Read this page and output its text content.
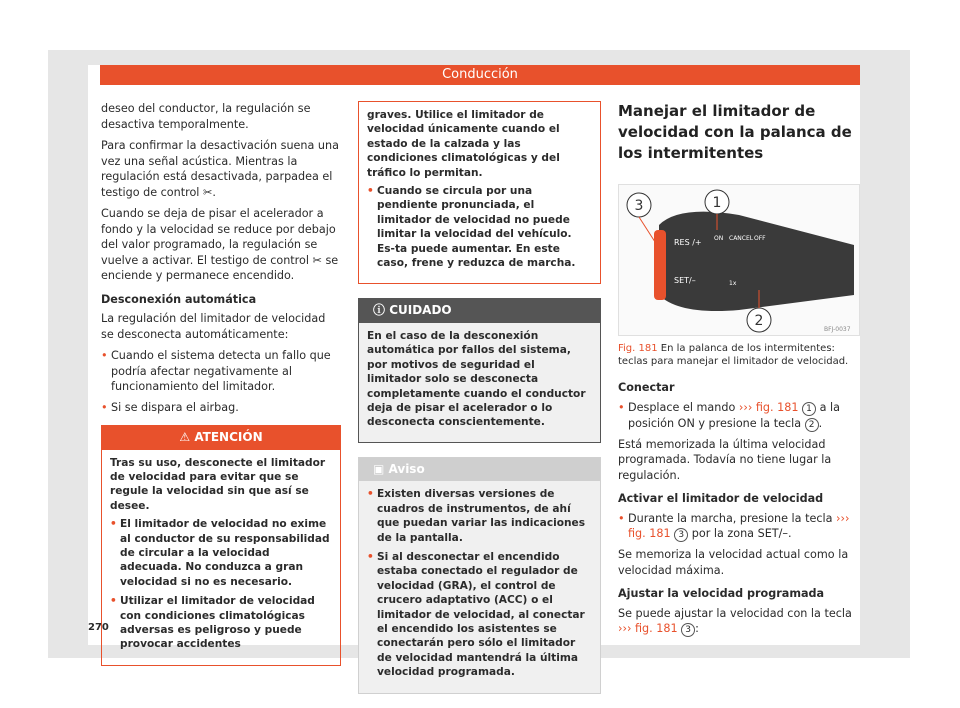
Conducción

deseo del conductor, la regulación se desactiva temporalmente.

Para confirmar la desactivación suena una vez una señal acústica. Mientras la regulación está desactivada, parpadea el testigo de control ✂.

Cuando se deja de pisar el acelerador a fondo y la velocidad se reduce por debajo del valor programado, la regulación se vuelve a activar. El testigo de control ✂ se enciende y permanece encendido.

Desconexión automática

La regulación del limitador de velocidad se desconecta automáticamente:

• Cuando el sistema detecta un fallo que podría afectar negativamente al funcionamiento del limitador.
• Si se dispara el airbag.
⚠ ATENCIÓN

Tras su uso, desconecte el limitador de velocidad para evitar que se regule la velocidad sin que así se desee.

• El limitador de velocidad no exime al conductor de su responsabilidad de circular a la velocidad adecuada. No conduzca a gran velocidad si no es necesario.
• Utilizar el limitador de velocidad con condiciones climatológicas adversas es peligroso y puede provocar accidentes

graves. Utilice el limitador de velocidad únicamente cuando el estado de la calzada y las condiciones climatológicas y del tráfico lo permitan.

• Cuando se circula por una pendiente pronunciada, el limitador de velocidad no puede limitar la velocidad del vehículo. Es-ta puede aumentar. En este caso, frene y reduzca de marcha.
ⓘ CUIDADO

En el caso de la desconexión automática por fallos del sistema, por motivos de seguridad el limitador solo se desconecta completamente cuando el conductor deja de pisar el acelerador o lo desconecta conscientemente.

▣ Aviso
• Existen diversas versiones de cuadros de instrumentos, de ahí que puedan variar las indicaciones de la pantalla.
• Si al desconectar el encendido estaba conectado el regulador de velocidad (GRA), el control de crucero adaptativo (ACC) o el limitador de velocidad, al conectar el encendido los asistentes se conectarán pero sólo el limitador de velocidad mantendrá la última velocidad programada.
Manejar el limitador de velocidad con la palanca de los intermitentes
3	1
2
RES /+ ON CANCEL OFF
SET/–	1x
BFJ-0037
Fig. 181 En la palanca de los intermitentes: teclas para manejar el limitador de velocidad.
Conectar
• Desplace el mando ››› fig. 181 1 a la posición ON y presione la tecla 2 .

Está memorizada la última velocidad programada. Todavía no tiene lugar la regulación.

Activar el limitador de velocidad
• Durante la marcha, presione la tecla ››› fig. 181 3 por la zona SET/–.

Se memoriza la velocidad actual como la velocidad máxima.

Ajustar la velocidad programada

Se puede ajustar la velocidad con la tecla ››› fig. 181 3 :

270
